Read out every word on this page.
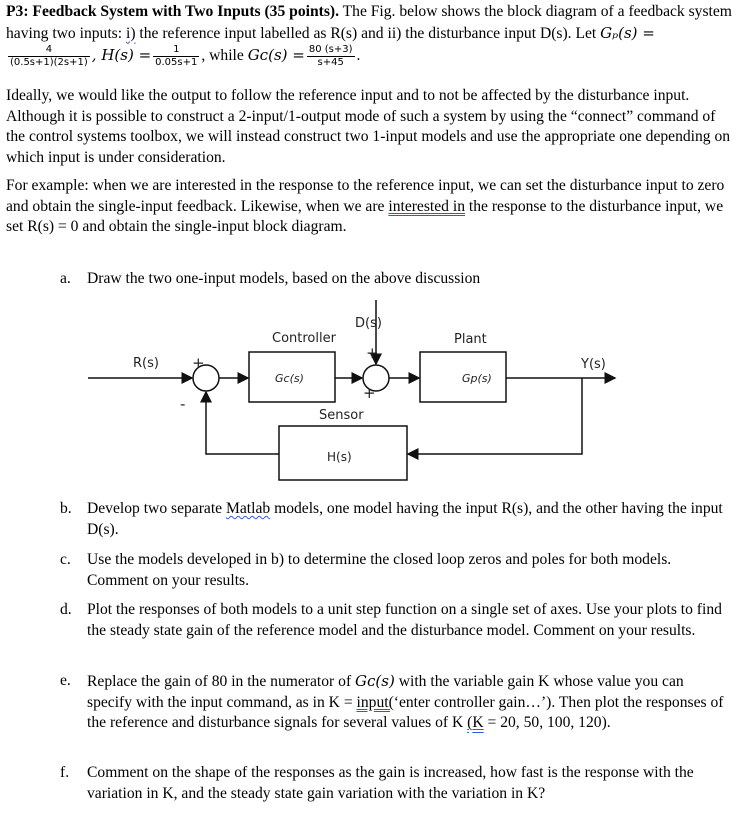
P3: Feedback System with Two Inputs (35 points). The Fig. below shows the block diagram of a feedback system having two inputs: i) the reference input labelled as R(s) and ii) the disturbance input D(s). Let Gₚ(s) =
$\frac{4}{(0.5s+1)(2s+1)}$ , $H(s) = \frac{1}{0.05s+1}$ , while Gᴄ(s) = $\frac{80 (s+3)}{s+45}$ .

Ideally, we would like the output to follow the reference input and to not be affected by the disturbance input. Although it is possible to construct a 2-input/1-output mode of such a system by using the “connect” command of the control systems toolbox, we will instead construct two 1-input models and use the appropriate one depending on which input is under consideration.

For example: when we are interested in the response to the reference input, we can set the disturbance input to zero and obtain the single-input feedback. Likewise, when we are interested in the response to the disturbance input, we set R(s) = 0 and obtain the single-input block diagram.

a.	Draw the two one-input models, based on the above discussion
D(s)
Controller	Plant
R(s)	Y(s)
Gc(s)	Gp(s)
Sensor
H(s)
+
+
+
-
b. Develop two separate Matlab models, one model having the input R(s), and the other having the input D(s).
c.	Use the models developed in b) to determine the closed loop zeros and poles for both models. Comment on your results.
d. Plot the responses of both models to a unit step function on a single set of axes. Use your plots to find the steady state gain of the reference model and the disturbance model. Comment on your results.
e.	Replace the gain of 80 in the numerator of Gᴄ(s) with the variable gain K whose value you can specify with the input command, as in K = input(‘enter controller gain…’). Then plot the responses of the reference and disturbance signals for several values of K (K = 20, 50, 100, 120).
f.	Comment on the shape of the responses as the gain is increased, how fast is the response with the variation in K, and the steady state gain variation with the variation in K?
